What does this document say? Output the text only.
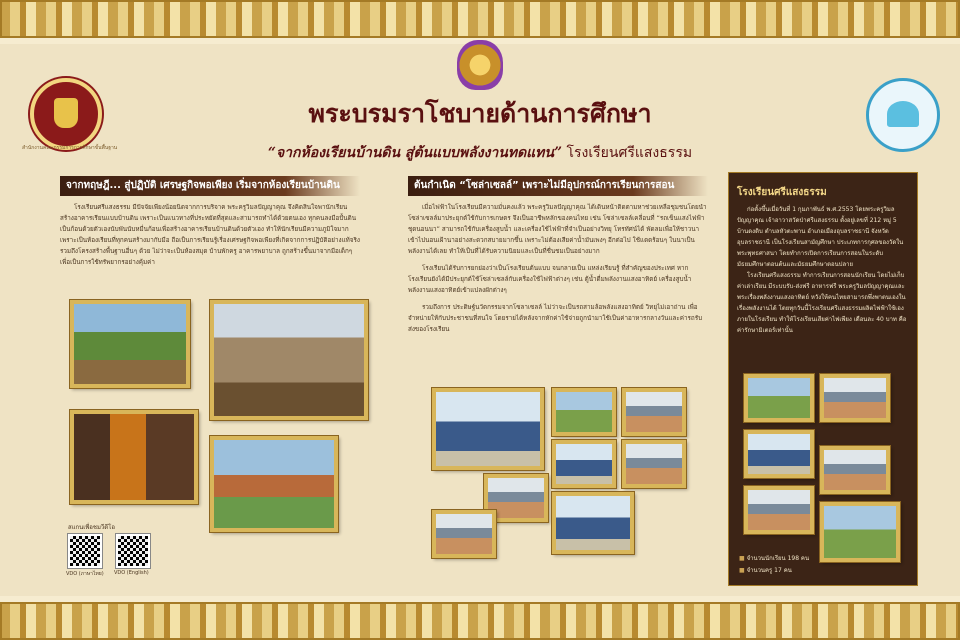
สำนักงานคณะกรรมการการศึกษาขั้นพื้นฐาน
พระบรมราโชบายด้านการศึกษา
“จากห้องเรียนบ้านดิน สู่ต้นแบบพลังงานทดแทน” โรงเรียนศรีแสงธรรม
จากทฤษฎี... สู่ปฏิบัติ เศรษฐกิจพอเพียง เริ่มจากห้องเรียนบ้านดิน
โรงเรียนศรีแสงธรรม มีปัจจัยเพียงน้อยนิดจากการบริจาค พระครูวิมลปัญญาคุณ จึงคิดสินใจพานักเรียนสร้างอาคารเรียนแบบบ้านดิน เพราะเป็นแนวทางที่ประหยัดที่สุดและสามารถทำได้ด้วยตนเอง ทุกคนลงมือปั้นดินเป็นก้อนด้วยตัวเองนับพันนับหมื่นก้อนเพื่อสร้างอาคารเรียนบ้านดินด้วยตัวเอง ทำให้นักเรียนมีความภูมิใจมาก เพราะเป็นห้องเรียนที่ทุกคนสร้างมากับมือ ถือเป็นการเรียนรู้เรื่องเศรษฐกิจพอเพียงที่เกิดจากการปฏิบัติอย่างแท้จริง รวมถึงโครงสร้างพื้นฐานอื่นๆ ด้วย ไม่ว่าจะเป็นห้องสมุด บ้านพักครู อาคารพยาบาล ถูกสร้างขึ้นมาจากมือเด็กๆ เพื่อเป็นการใช้ทรัพยากรอย่างคุ้มค่า
สแกนเพื่อชมวีดีโอ
VDO (ภาษาไทย) VDO (English)
ต้นกำเนิด “โซล่าเซลล์” เพราะไม่มีอุปกรณ์การเรียนการสอน
เมื่อไฟฟ้าในโรงเรียนมีความมั่นคงแล้ว พระครูวิมลปัญญาคุณ ได้เดินหน้าติดตามหาช่วยเหลือชุมชนโดยนำโซล่าเซลล์มาประยุกต์ใช้กับการเกษตร จึงเป็นอาชีพหลักของคนไทย เช่น โซล่าเซลล์เคลื่อนที่ “รถเข็นแสงไฟฟ้าชุดนอนนา” สามารถใช้กับเครื่องสูบน้ำ และเครื่องใช้ไฟฟ้าที่จำเป็นอย่างวิทยุ โทรทัศน์ได้ พัดลมเพื่อให้ชาวนาเข้าไปนอนเฝ้านาอย่างสะดวกสบายมากขึ้น เพราะไม่ต้องเสียค่าน้ำมันเพงๆ อีกต่อไป ใช้แดดร้อนๆ ในนาเป็นพลังงานได้เลย ทำให้เป็นที่ได้รับความนิยมและเป็นที่ชื่นชมเป็นอย่างมาก
โรงเรียนได้รับการยกย่องว่าเป็นโรงเรียนต้นแบบ จนกลายเป็น แหล่งเรียนรู้ ที่สำคัญของประเทศ หากโรงเรียนยังได้มีประยุกต์ใช้โซล่าเซลล์กับเครื่องใช้ไฟฟ้าต่างๆ เช่น ตู้น้ำดื่มพลังงานแสงอาทิตย์ เครื่องสูบน้ำพลังงานแสงอาทิตย์เข้าแปลงผักต่างๆ
รวมถึงการ ประดิษฐ์นวัตกรรมจากโซลาเซลล์ ไม่ว่าจะเป็นรถสามล้อพลังแสงอาทิตย์ วิทยุไม่เอาถ่าน เพื่อจำหน่ายให้กับประชาชนที่สนใจ โดยรายได้หลังจากหักค่าใช้จ่ายถูกนำมาใช้เป็นค่าอาหารกลางวันและค่ารถรับส่งของโรงเรียน
โรงเรียนศรีแสงธรรม
ก่อตั้งขึ้นเมื่อวันที่ 1 กุมภาพันธ์ พ.ศ.2553 โดยพระครูวิมลปัญญาคุณ เจ้าอาวาสวัดป่าศรีแสงธรรม ตั้งอยู่เลขที่ 212 หมู่ 5 บ้านดงดิบ ตำบลหัวตะพาน อำเภอเมืองอุบลราชธานี จังหวัดอุบลราชธานี เป็นโรงเรียนสามัญศึกษา ประเภทการกุศลของวัดในพระพุทธศาสนา โดยทำการเปิดการเรียนการสอนในระดับมัธยมศึกษาตอนต้นและมัธยมศึกษาตอนปลาย
โรงเรียนศรีแสงธรรม ทำการเรียนการสอนนักเรียน โดยไม่เก็บค่าเล่าเรียน มีระบบรับ-ส่งฟรี อาหารฟรี พระครูวิมลปัญญาคุณและพระเรื่องพลังงานแสงอาทิตย์ หวังให้คนไทยสามารถพึ่งพาตนเองในเรื่องพลังงานได้ โดยทุกวันนี้โรงเรียนศรีแสงธรรมผลิตไฟฟ้าใช้เองภายในโรงเรียน ทำให้โรงเรียนเสียค่าไฟเพียง เดือนละ 40 บาท คือ ค่ารักษามิเตอร์เท่านั้น
■ จำนวนนักเรียน 198 คน
■ จำนวนครู 17 คน
